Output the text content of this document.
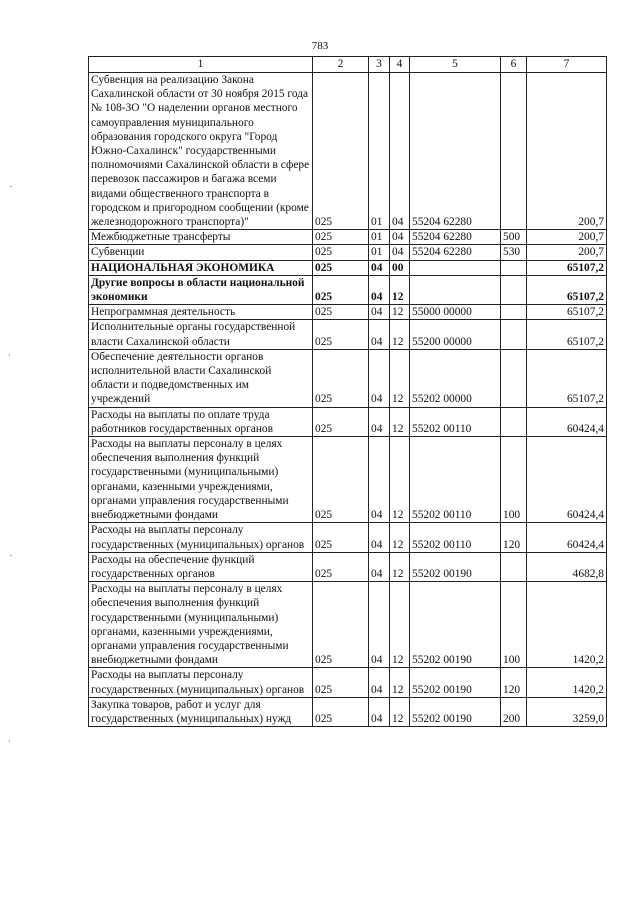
783
1	2	3	4	5	6	7
Субвенция на реализацию Закона Сахалинской области от 30 ноября 2015 года № 108-ЗО "О наделении органов местного самоуправления муниципального образования городского округа "Город Южно-Сахалинск" государственными полномочиями Сахалинской области в сфере перевозок пассажиров и багажа всеми видами общественного транспорта в городском и пригородном сообщении (кроме железнодорожного транспорта)"	025	01	04	55204 62280		200,7
Межбюджетные трансферты	025	01	04	55204 62280	500	200,7
Субвенции	025	01	04	55204 62280	530	200,7
НАЦИОНАЛЬНАЯ ЭКОНОМИКА	025	04	00			65107,2
Другие вопросы в области национальной экономики	025	04	12			65107,2
Непрограммная деятельность	025	04	12	55000 00000		65107,2
Исполнительные органы государственной власти Сахалинской области	025	04	12	55200 00000		65107,2
Обеспечение деятельности органов исполнительной власти Сахалинской области и подведомственных им учреждений	025	04	12	55202 00000		65107,2
Расходы на выплаты по оплате труда работников государственных органов	025	04	12	55202 00110		60424,4
Расходы на выплаты персоналу в целях обеспечения выполнения функций государственными (муниципальными) органами, казенными учреждениями, органами управления государственными внебюджетными фондами	025	04	12	55202 00110	100	60424,4
Расходы на выплаты персоналу государственных (муниципальных) органов	025	04	12	55202 00110	120	60424,4
Расходы на обеспечение функций государственных органов	025	04	12	55202 00190		4682,8
Расходы на выплаты персоналу в целях обеспечения выполнения функций государственными (муниципальными) органами, казенными учреждениями, органами управления государственными внебюджетными фондами	025	04	12	55202 00190	100	1420,2
Расходы на выплаты персоналу государственных (муниципальных) органов	025	04	12	55202 00190	120	1420,2
Закупка товаров, работ и услуг для государственных (муниципальных) нужд	025	04	12	55202 00190	200	3259,0
